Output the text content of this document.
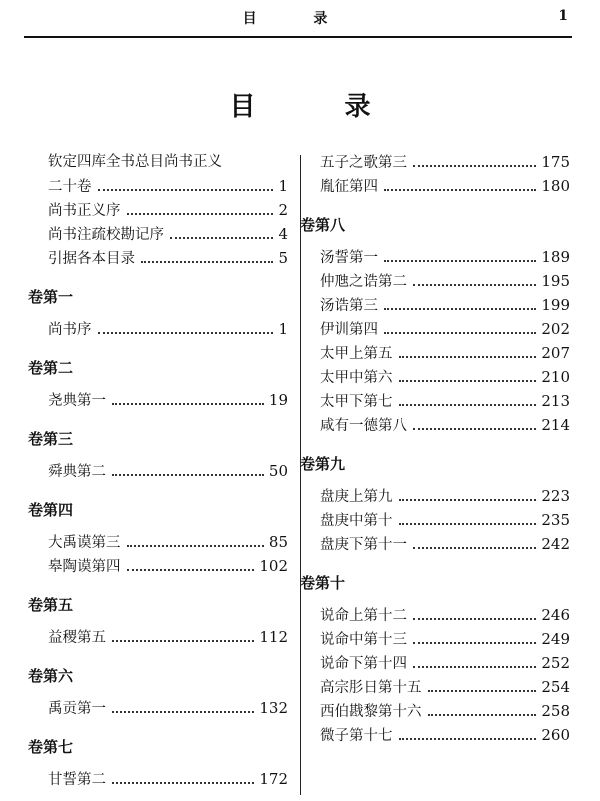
目 录	1
目 录
钦定四库全书总目尚书正义
二十卷	1
尚书正义序	2
尚书注疏校勘记序	4
引据各本目录	5
卷第一
尚书序	1
卷第二
尧典第一	19
卷第三
舜典第二	50
卷第四
大禹谟第三	85
皋陶谟第四	102
卷第五
益稷第五	112
卷第六
禹贡第一	132
卷第七
甘誓第二	172
五子之歌第三	175
胤征第四	180
卷第八
汤誓第一	189
仲虺之诰第二	195
汤诰第三	199
伊训第四	202
太甲上第五	207
太甲中第六	210
太甲下第七	213
咸有一德第八	214
卷第九
盘庚上第九	223
盘庚中第十	235
盘庚下第十一	242
卷第十
说命上第十二	246
说命中第十三	249
说命下第十四	252
高宗肜日第十五	254
西伯戡黎第十六	258
微子第十七	260
